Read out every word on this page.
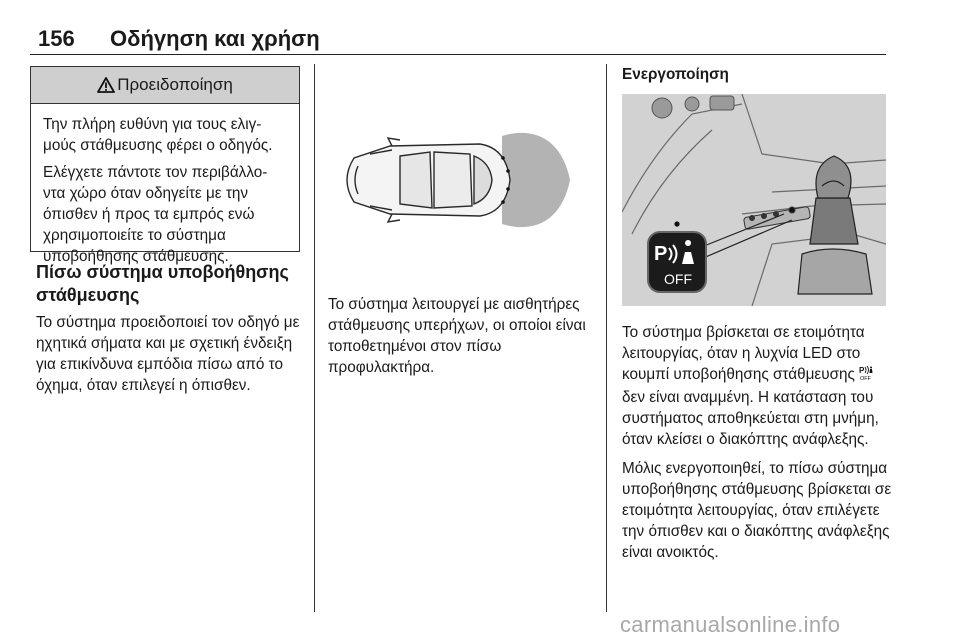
156 Οδήγηση και χρήση
Προειδοποίηση

Την πλήρη ευθύνη για τους ελιγ-μούς στάθμευσης φέρει ο οδηγός.

Ελέγχετε πάντοτε τον περιβάλλο-ντα χώρο όταν οδηγείτε με την όπισθεν ή προς τα εμπρός ενώ χρησιμοποιείτε το σύστημα υποβοήθησης στάθμευσης.

Πίσω σύστημα υποβοήθησης στάθμευσης

Το σύστημα προειδοποιεί τον οδηγό με ηχητικά σήματα και με σχετική ένδειξη για επικίνδυνα εμπόδια πίσω από το όχημα, όταν επιλεγεί η όπισθεν.

Το σύστημα λειτουργεί με αισθητήρες στάθμευσης υπερήχων, οι οποίοι είναι τοποθετημένοι στον πίσω προφυλακτήρα.

Ενεργοποίηση
P
OFF

Το σύστημα βρίσκεται σε ετοιμότητα λειτουργίας, όταν η λυχνία LED στο κουμπί υποβοήθησης στάθμευσης P
OFF
δεν είναι αναμμένη. Η κατάσταση του συστήματος αποθηκεύεται στη μνήμη, όταν κλείσει ο διακόπτης ανάφλεξης.

Μόλις ενεργοποιηθεί, το πίσω σύστημα υποβοήθησης στάθμευσης βρίσκεται σε ετοιμότητα λειτουργίας, όταν επιλέγετε την όπισθεν και ο διακόπτης ανάφλεξης είναι ανοικτός.

carmanualsonline.info
